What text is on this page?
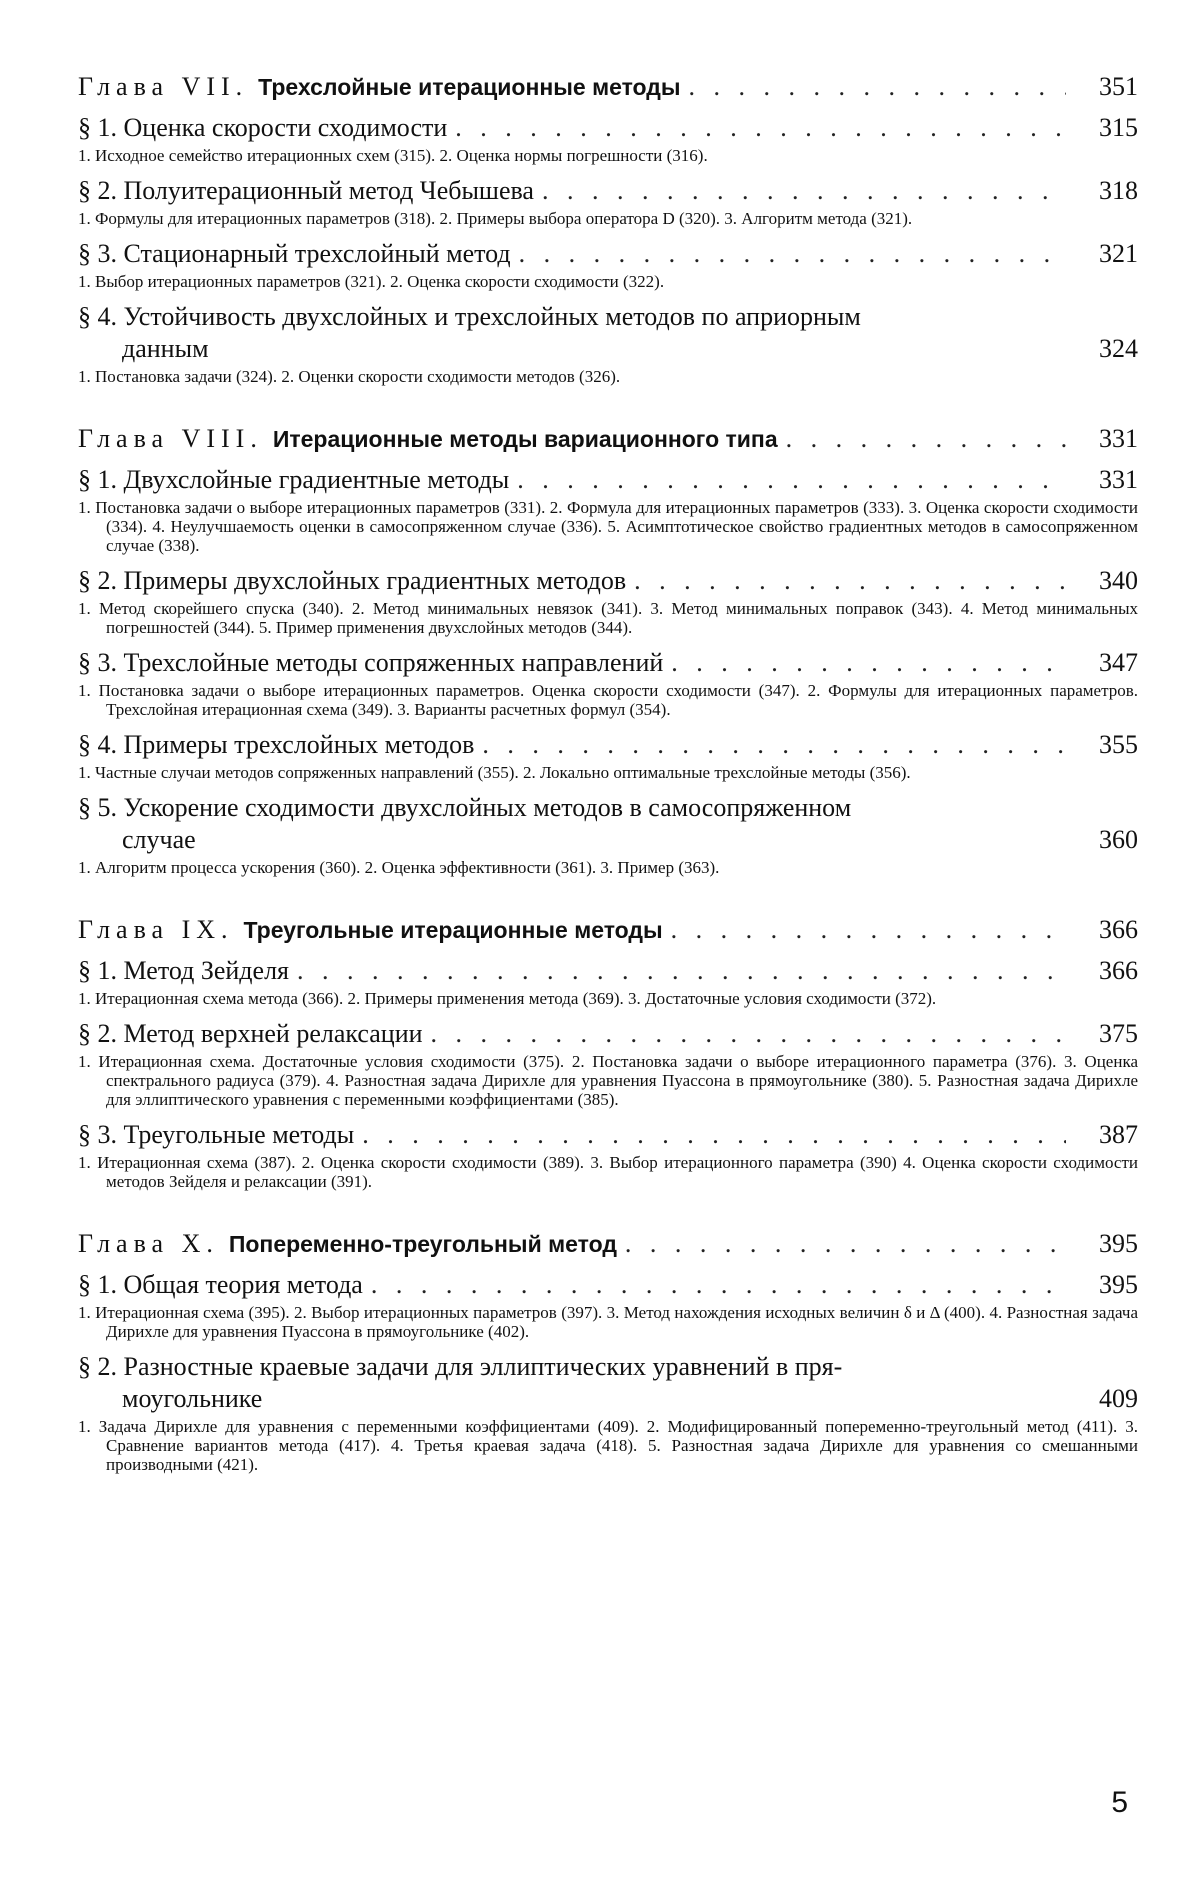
Глава VII. Трехслойные итерационные методы . . .	351
§ 1. Оценка скорости сходимости . . .	315
1. Исходное семейство итерационных схем (315). 2. Оценка нормы погрешности (316).
§ 2. Полуитерационный метод Чебышева . . .	318
1. Формулы для итерационных параметров (318). 2. Примеры выбора оператора D (320). 3. Алгоритм метода (321).
§ 3. Стационарный трехслойный метод . . .	321
1. Выбор итерационных параметров (321). 2. Оценка скорости сходимости (322).
§ 4. Устойчивость двухслойных и трехслойных методов по априорным
данным	324
1. Постановка задачи (324). 2. Оценки скорости сходимости методов (326).
Глава VIII. Итерационные методы вариационного типа . . .	331
§ 1. Двухслойные градиентные методы . . .	331
1. Постановка задачи о выборе итерационных параметров (331). 2. Формула для итерационных параметров (333). 3. Оценка скорости сходимости (334). 4. Неулучшаемость оценки в самосопряженном случае (336). 5. Асимптотическое свойство градиентных методов в самосопряженном случае (338).
§ 2. Примеры двухслойных градиентных методов . . .	340
1. Метод скорейшего спуска (340). 2. Метод минимальных невязок (341). 3. Метод минимальных поправок (343). 4. Метод минимальных погрешностей (344). 5. Пример применения двухслойных методов (344).
§ 3. Трехслойные методы сопряженных направлений . . .	347
1. Постановка задачи о выборе итерационных параметров. Оценка скорости сходимости (347). 2. Формулы для итерационных параметров. Трехслойная итерационная схема (349). 3. Варианты расчетных формул (354).
§ 4. Примеры трехслойных методов . . .	355
1. Частные случаи методов сопряженных направлений (355). 2. Локально оптимальные трехслойные методы (356).
§ 5. Ускорение сходимости двухслойных методов в самосопряженном
случае	360
1. Алгоритм процесса ускорения (360). 2. Оценка эффективности (361). 3. Пример (363).
Глава IX. Треугольные итерационные методы . . .	366
§ 1. Метод Зейделя . . .	366
1. Итерационная схема метода (366). 2. Примеры применения метода (369). 3. Достаточные условия сходимости (372).
§ 2. Метод верхней релаксации . . .	375
1. Итерационная схема. Достаточные условия сходимости (375). 2. Постановка задачи о выборе итерационного параметра (376). 3. Оценка спектрального радиуса (379). 4. Разностная задача Дирихле для уравнения Пуассона в прямоугольнике (380). 5. Разностная задача Дирихле для эллиптического уравнения с переменными коэффициентами (385).
§ 3. Треугольные методы . . .	387
1. Итерационная схема (387). 2. Оценка скорости сходимости (389). 3. Выбор итерационного параметра (390) 4. Оценка скорости сходимости методов Зейделя и релаксации (391).
Глава X. Попеременно-треугольный метод . . .	395
§ 1. Общая теория метода . . .	395
1. Итерационная схема (395). 2. Выбор итерационных параметров (397). 3. Метод нахождения исходных величин δ и Δ (400). 4. Разностная задача Дирихле для уравнения Пуассона в прямоугольнике (402).
§ 2. Разностные краевые задачи для эллиптических уравнений в пря-
моугольнике	409
1. Задача Дирихле для уравнения с переменными коэффициентами (409). 2. Модифицированный попеременно-треугольный метод (411). 3. Сравнение вариантов метода (417). 4. Третья краевая задача (418). 5. Разностная задача Дирихле для уравнения со смешанными производными (421).
5
